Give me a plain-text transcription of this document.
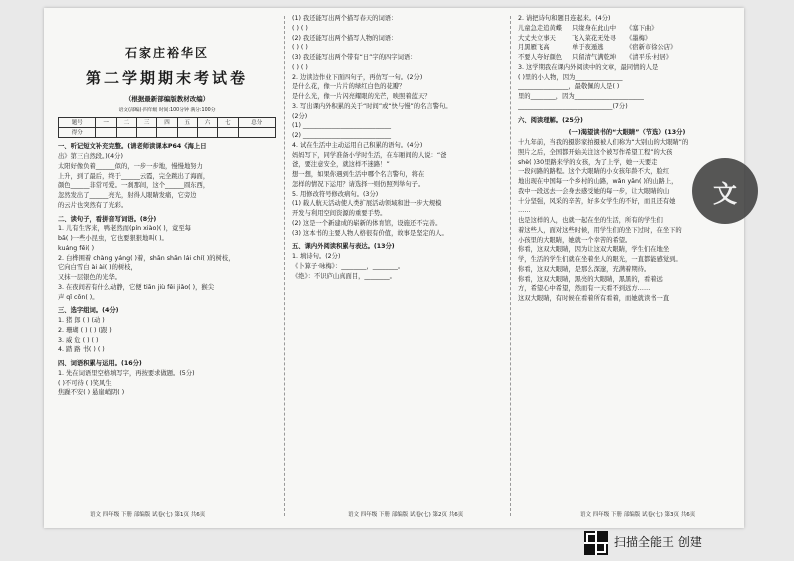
石家庄裕华区
第二学期期末考试卷
（根据最新部编版教材改编）
语文(部编)·四年级 时间:100分钟 满分:100分
题号	一	二	三	四	五	六	七	总分
得分								
一、听记短文补充完整。(请老师读课本P64《海上日
出》第三自然段。)(4分)
太阳好像负着______似的，一步一步地，慢慢地努力
上升，到了最后，终于______云霞，完全跳出了海面，
颜色______非常可爱。一刹那间，这个______圆东西，
忽然发出了______亮光，射得人眼睛发痛，它旁边
的云片也突然有了光彩。
二、读句子，看拼音写词语。(8分)
1. 儿有生客来，鸭老然而(pín xiào)( )，竟至每
bā( )一些小昆虫，它也要狠狠地叫( )。
kuáng fēi( )
2. 白桦围着 chàng yáng( )着，shān shān lái chí( )的树枝，
它向白雪白 ài ài( )的树枝，
又抹一层银色的光华。
3. 在夜间若有什么动静，它便 tiān jiù fēi jiǎo( )，猴尖
声 qǐ cōn( )。
三、选字组词。(4分)
1. 猪 郎 ( ) (动 )
2. 珊瑚 ( ) ( ) (跟 )
3. 威 危 ( ) ( )
4. 踏 路 书( ) ( )
四、词语积累与运用。(16分)
1. 先在词语里空格填写字，再按要求做题。(5分)
( )不可待 ( )笑风生
焦躁不安( ) 悬崖峭阴( )
(1) 我还能写出两个描写春天的词语：
( ) ( )
(2) 我还能写出两个描写人物的词语：
( ) ( )
(3) 我还能写出两个带有“日”字的四字词语：
( ) ( )
2. 边读边作业下面四句子，再仿写一句。(2分)
是什么花，像一片片的绿红白色的花瓣？
是什么光，像一片闪亮耀眼的光芒，映照着蓝天？
3. 写出课内外积累的关于“时间”或“快与慢”的名言警句。
(2分)
(1) ____________________________
(2) ____________________________
4. 试在生活中主动运用自己积累的语句。(4分)
妈妈写下，同学准备小学时生活，在车厢间的人说：“爸
爸，要注意安全，就这样不迷路！”
想一想，如果你遇到生活中哪个名言警句，将在
怎样的情况下运用？请选择一则仿照列举句子。
5. 用修改符号修改病句。(3分)
(1) 载人航天活动使人类扩展活动领域和进一步大规模
开发与利用空间资源的重要手势。
(2) 这是一个新建成的崭新的体育馆，设施还不完善。
(3) 这本书的主要人物人格很有价值，故事是坚定的人。
五、课内外阅读积累与表达。(13分)
1. 填诗句。(2分)
《卜算子·咏梅》：________，________。
《绝》：不识庐山真面目，________。
2. 请把诗句和题目连起来。(4分)
儿童急走追黄蝶 只缘身在此山中 《塞下曲》
大丈夫立事天	飞入菜花无处寻 《墨梅》
月黑雁飞高	单于夜遁逃	《宿新市徐公店》
不要人夸好颜色 只留清气满乾坤 《清平乐·村居》
3. 这学期我在课内外阅读中的文章，最同情的人是
( )里的小人物，因为_______________
________________，最敬佩的人是( )
里的________，因为______________________
______________________________(7分)
六、阅读理解。(25分)
(一)渴望读书的“大眼睛”（节选）(13分)
十九年前，当我的摄影家拍摄被人们称为“大别山的大眼睛”的
照片之后，全国都开始关注这个被写作希望工程”的大孩
shè( )30里路来学的女孩，为了上学，她一天要走
一段问路的路程。这个大眼睛的小女孩年龄不大，脸红
地出现在中国每一个乡村的山路，wǎn yān( )的山路上，
我中一段远去一会身去感受她的每一步，让大眼睛的山
十分坚强，风采的辛苦，好多女学生的不好，而且还有她
……
也是这样的人，也就一起在坐的生活，所有的学生们
着这些人，面对这些时候，用学生们的坐下过时，在坐下的
小孩里的大眼睛，她就一个幸苦的希望。
你看，这双大眼睛，因为让这双大眼睛，学生们在地坐
学，生活的学生们就在坐着坐人的眼光，一直都能感觉到。
你看，这双大眼睛，是那么深邃，充满着期待。
你看，这双大眼睛，黑亮的大眼睛，黑黑的，看着远
方，希望心中希望，然而有一天看不到远方……
这双大眼睛，有时候在看着所有看着，而她就读书一直
语文 四年级 下册 部编版 试卷(七) 第1页 共6页	语文 四年级 下册 部编版 试卷(七) 第2页 共6页	语文 四年级 下册 部编版 试卷(七) 第3页 共6页
文
扫描全能王 创建
